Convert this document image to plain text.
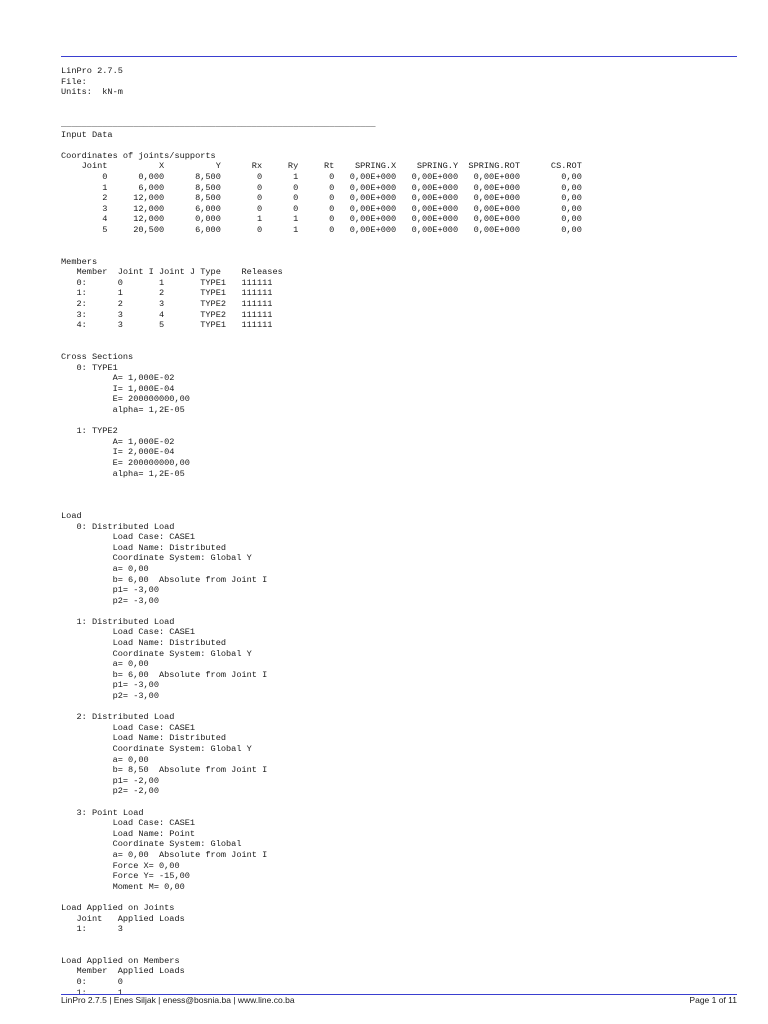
LinPro 2.7.5
File:
Units:  kN-m

_____________________________________________________________
Input Data

Coordinates of joints/supports
Joint          X          Y      Rx     Ry     Rt    SPRING.X    SPRING.Y  SPRING.ROT      CS.ROT
0      0,000      8,500       0      1      0   0,00E+000   0,00E+000   0,00E+000        0,00
1      6,000      8,500       0      0      0   0,00E+000   0,00E+000   0,00E+000        0,00
2     12,000      8,500       0      0      0   0,00E+000   0,00E+000   0,00E+000        0,00
3     12,000      6,000       0      0      0   0,00E+000   0,00E+000   0,00E+000        0,00
4     12,000      0,000       1      1      0   0,00E+000   0,00E+000   0,00E+000        0,00
5     20,500      6,000       0      1      0   0,00E+000   0,00E+000   0,00E+000        0,00

Members
Member  Joint I Joint J Type    Releases
0:      0       1       TYPE1   111111
1:      1       2       TYPE1   111111
2:      2       3       TYPE2   111111
3:      3       4       TYPE2   111111
4:      3       5       TYPE1   111111

Cross Sections
0: TYPE1
A= 1,000E-02
I= 1,000E-04
E= 200000000,00
alpha= 1,2E-05

1: TYPE2
A= 1,000E-02
I= 2,000E-04
E= 200000000,00
alpha= 1,2E-05

Load
0: Distributed Load
Load Case: CASE1
Load Name: Distributed
Coordinate System: Global Y
a= 0,00
b= 6,00  Absolute from Joint I
p1= -3,00
p2= -3,00

1: Distributed Load
Load Case: CASE1
Load Name: Distributed
Coordinate System: Global Y
a= 0,00
b= 6,00  Absolute from Joint I
p1= -3,00
p2= -3,00

2: Distributed Load
Load Case: CASE1
Load Name: Distributed
Coordinate System: Global Y
a= 0,00
b= 8,50  Absolute from Joint I
p1= -2,00
p2= -2,00

3: Point Load
Load Case: CASE1
Load Name: Point
Coordinate System: Global
a= 0,00  Absolute from Joint I
Force X= 0,00
Force Y= -15,00
Moment M= 0,00

Load Applied on Joints
Joint   Applied Loads
1:      3

Load Applied on Members
Member  Applied Loads
0:      0
1:      1
LinPro 2.7.5 | Enes Siljak | eness@bosnia.ba | www.line.co.ba	Page 1 of 11
